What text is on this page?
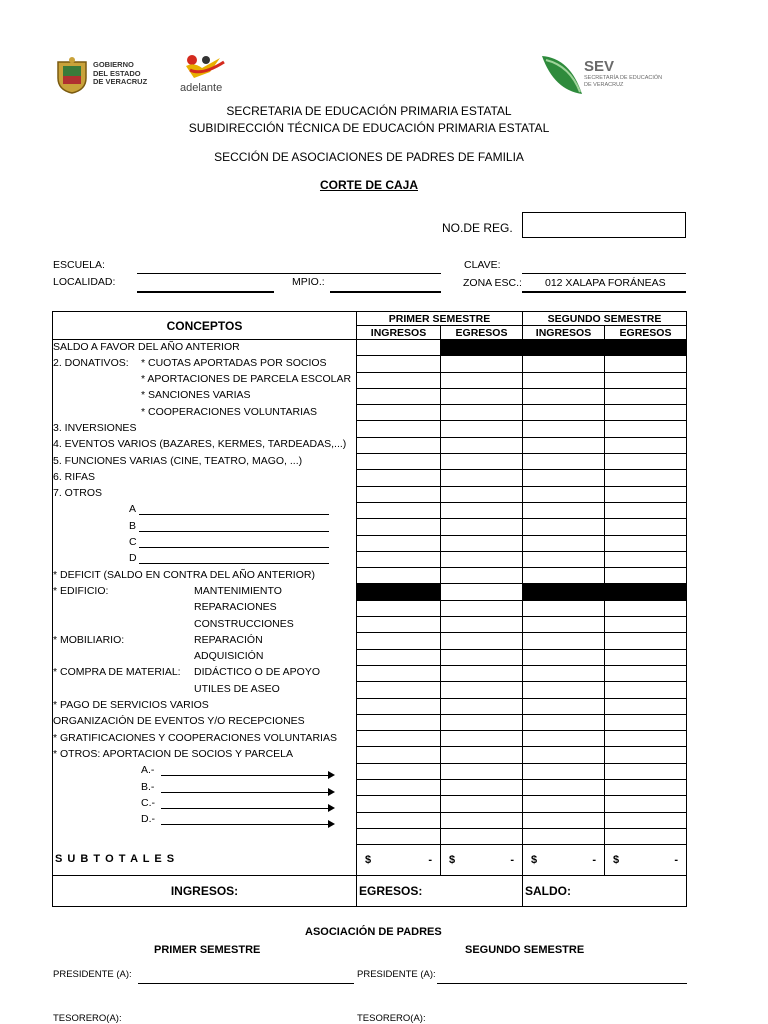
GOBIERNO
DEL ESTADO
DE VERACRUZ
adelante
SEV
SECRETARÍA DE EDUCACIÓN
DE VERACRUZ
SECRETARIA DE EDUCACIÓN PRIMARIA ESTATAL
SUBIDIRECCIÓN TÉCNICA DE EDUCACIÓN PRIMARIA ESTATAL
SECCIÓN DE ASOCIACIONES DE PADRES DE FAMILIA
CORTE DE CAJA
NO.DE REG.
ESCUELA:	CLAVE:
LOCALIDAD:	MPIO.:	ZONA ESC.: 012 XALAPA FORÁNEAS
CONCEPTOS	PRIMER SEMESTRE		SEGUNDO SEMESTRE	
	INGRESOS	EGRESOS	INGRESOS	EGRESOS

SALDO A FAVOR DEL AÑO ANTERIOR				

2. DONATIVOS: * CUOTAS APORTADAS POR SOCIOS				

* APORTACIONES DE PARCELA ESCOLAR				

* SANCIONES VARIAS				

* COOPERACIONES VOLUNTARIAS				

3. INVERSIONES				

4. EVENTOS VARIOS (BAZARES, KERMES, TARDEADAS,...)				

5. FUNCIONES VARIAS (CINE, TEATRO, MAGO, ...)				

6. RIFAS				

7. OTROS				

A				

B				

C				

D				

* DEFICIT (SALDO EN CONTRA DEL AÑO ANTERIOR)				

* EDIFICIO: MANTENIMIENTO				

REPARACIONES				

CONSTRUCCIONES				

* MOBILIARIO: REPARACIÓN				

ADQUISICIÓN				

* COMPRA DE MATERIAL: DIDÁCTICO O DE APOYO				

UTILES DE ASEO				

* PAGO DE SERVICIOS VARIOS				

ORGANIZACIÓN DE EVENTOS Y/O RECEPCIONES				

* GRATIFICACIONES Y COOPERACIONES VOLUNTARIAS				

* OTROS: APORTACION DE SOCIOS Y PARCELA				

A.-				

B.-				

C.-				

D.-				

S U B T O T A L E S	$ -	$ -	$ -	$ -

INGRESOS:	EGRESOS:		SALDO:	
ASOCIACIÓN DE PADRES
PRIMER SEMESTRE	SEGUNDO SEMESTRE
PRESIDENTE (A):	PRESIDENTE (A):
TESORERO(A):	TESORERO(A):
